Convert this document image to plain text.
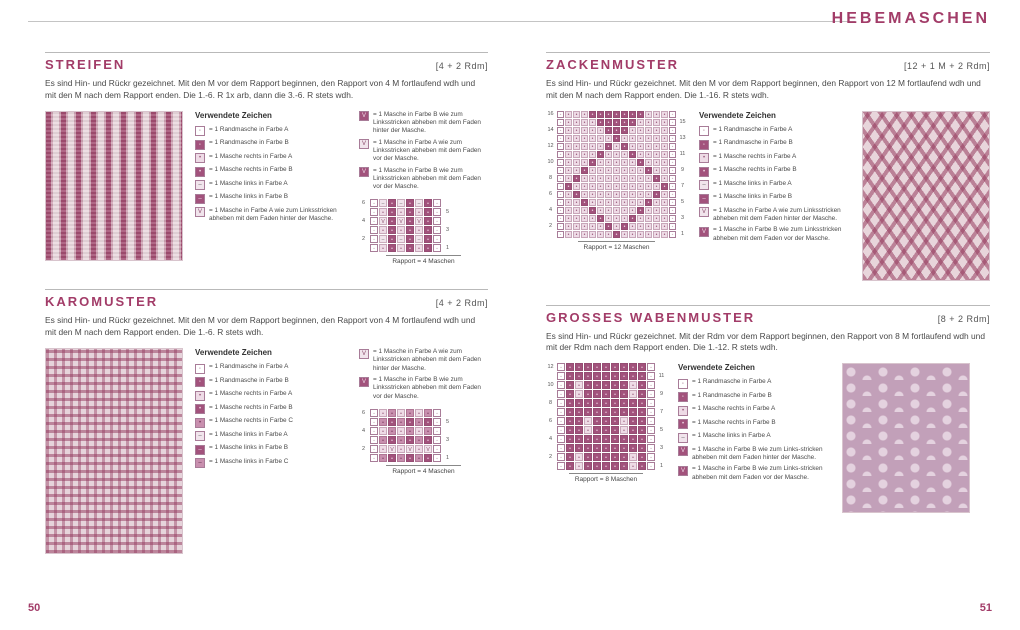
HEBEMASCHEN
STREIFEN	[4 + 2 Rdm]

Es sind Hin- und Rückr gezeichnet. Mit den M vor dem Rapport beginnen, den Rapport von 4 M fortlaufend wdh und mit den M nach dem Rapport enden. Die 1.-6. R 1x arb, dann die 3.-6. R stets wdh.

Verwendete Zeichen
◦	= 1 Randmasche in Farbe A
◦	= 1 Randmasche in Farbe B
•	= 1 Masche rechts in Farbe A
•	= 1 Masche rechts in Farbe B
–	= 1 Masche links in Farbe A
–	= 1 Masche links in Farbe B
V	= 1 Masche in Farbe A wie zum Linksstricken abheben mit dem Faden hinter der Masche.
V	= 1 Masche in Farbe B wie zum Linksstricken abheben mit dem Faden hinter der Masche.
V	= 1 Masche in Farbe A wie zum Linksstricken abheben mit dem Faden vor der Masche.
V	= 1 Masche in Farbe B wie zum Linksstricken abheben mit dem Faden vor der Masche.
6	◦	–	•	–	•	–	•	◦
◦	•	•	•	•	•	•	◦	5
4	◦	V	•	V	•	V	•	◦
◦	•	•	•	•	•	•	◦	3
2	◦	–	•	–	•	–	•	◦
◦	•	•	•	•	•	•	◦	1
Rapport = 4 Maschen
KAROMUSTER	[4 + 2 Rdm]

Es sind Hin- und Rückr gezeichnet. Mit den M vor dem Rapport beginnen, den Rapport von 4 M fortlaufend wdh und mit den M nach dem Rapport enden. Die 1.-6. R stets wdh.

Verwendete Zeichen
◦	= 1 Randmasche in Farbe A
◦	= 1 Randmasche in Farbe B
•	= 1 Masche rechts in Farbe A
•	= 1 Masche rechts in Farbe B
•	= 1 Masche rechts in Farbe C
–	= 1 Masche links in Farbe A
–	= 1 Masche links in Farbe B
–	= 1 Masche links in Farbe C
V	= 1 Masche in Farbe A wie zum Linksstricken abheben mit dem Faden hinter der Masche.
V	= 1 Masche in Farbe B wie zum Linksstricken abheben mit dem Faden vor der Masche.
6	◦	•	•	•	•	•	•	◦
◦	•	•	•	•	•	•	◦	5
4	◦	•	•	•	•	•	•	◦
◦	•	•	•	•	•	•	◦	3
2	◦	•	V	•	V	•	V	◦
◦	•	•	•	•	•	•	◦	1
Rapport = 4 Maschen
ZACKENMUSTER	[12 + 1 M + 2 Rdm]

Es sind Hin- und Rückr gezeichnet. Mit den M vor dem Rapport beginnen, den Rapport von 12 M fortlaufend wdh und mit den M nach dem Rapport enden. Die 1.-16. R stets wdh.

16	◦	•	•	•	•	•	•	•	•	•	•	•	•	•	◦
◦	•	•	•	•	•	•	•	•	•	•	•	•	•	◦	15
14	◦	•	•	•	•	•	•	•	•	•	•	•	•	•	◦
◦	•	•	•	•	•	•	•	•	•	•	•	•	•	◦	13
12	◦	•	•	•	•	•	•	•	•	•	•	•	•	•	◦
◦	•	•	•	•	•	•	•	•	•	•	•	•	•	◦	11
10	◦	•	•	•	•	•	•	•	•	•	•	•	•	•	◦
◦	•	•	•	•	•	•	•	•	•	•	•	•	•	◦	9
8	◦	•	•	•	•	•	•	•	•	•	•	•	•	•	◦
◦	•	•	•	•	•	•	•	•	•	•	•	•	•	◦	7
6	◦	•	•	•	•	•	•	•	•	•	•	•	•	•	◦
◦	•	•	•	•	•	•	•	•	•	•	•	•	•	◦	5
4	◦	•	•	•	•	•	•	•	•	•	•	•	•	•	◦
◦	•	•	•	•	•	•	•	•	•	•	•	•	•	◦	3
2	◦	•	•	•	•	•	•	•	•	•	•	•	•	•	◦
◦	•	•	•	•	•	•	•	•	•	•	•	•	•	◦	1
Rapport = 12 Maschen
Verwendete Zeichen
◦	= 1 Randmasche in Farbe A
◦	= 1 Randmasche in Farbe B
•	= 1 Masche rechts in Farbe A
•	= 1 Masche rechts in Farbe B
–	= 1 Masche links in Farbe A
–	= 1 Masche links in Farbe B
V	= 1 Masche in Farbe A wie zum Linksstricken abheben mit dem Faden hinter der Masche.
V	= 1 Masche in Farbe B wie zum Linksstricken abheben mit dem Faden vor der Masche.
GROSSES WABENMUSTER	[8 + 2 Rdm]

Es sind Hin- und Rückr gezeichnet. Mit der Rdm vor dem Rapport beginnen, den Rapport von 8 M fortlaufend wdh und mit der Rdm nach dem Rapport enden. Die 1.-12. R stets wdh.

12	◦	•	•	•	•	•	•	•	•	•	◦
◦	•	•	•	•	•	•	•	•	•	◦	11
10	◦	•	•	•	•	•	•	•	•	•	◦
◦	•	•	•	•	•	•	•	•	•	◦	9
8	◦	•	•	•	•	•	•	•	•	•	◦
◦	•	•	•	•	•	•	•	•	•	◦	7
6	◦	•	•	•	•	•	•	•	•	•	◦
◦	•	•	•	•	•	•	•	•	•	◦	5
4	◦	•	•	•	•	•	•	•	•	•	◦
◦	•	•	•	•	•	•	•	•	•	◦	3
2	◦	•	•	•	•	•	•	•	•	•	◦
◦	•	•	•	•	•	•	•	•	•	◦	1
Rapport = 8 Maschen
Verwendete Zeichen
◦	= 1 Randmasche in Farbe A
◦	= 1 Randmasche in Farbe B
•	= 1 Masche rechts in Farbe A
•	= 1 Masche rechts in Farbe B
–	= 1 Masche links in Farbe A
V	= 1 Masche in Farbe B wie zum Links-stricken abheben mit dem Faden hinter der Masche.
V	= 1 Masche in Farbe B wie zum Links-stricken abheben mit dem Faden vor der Masche.
50	51
